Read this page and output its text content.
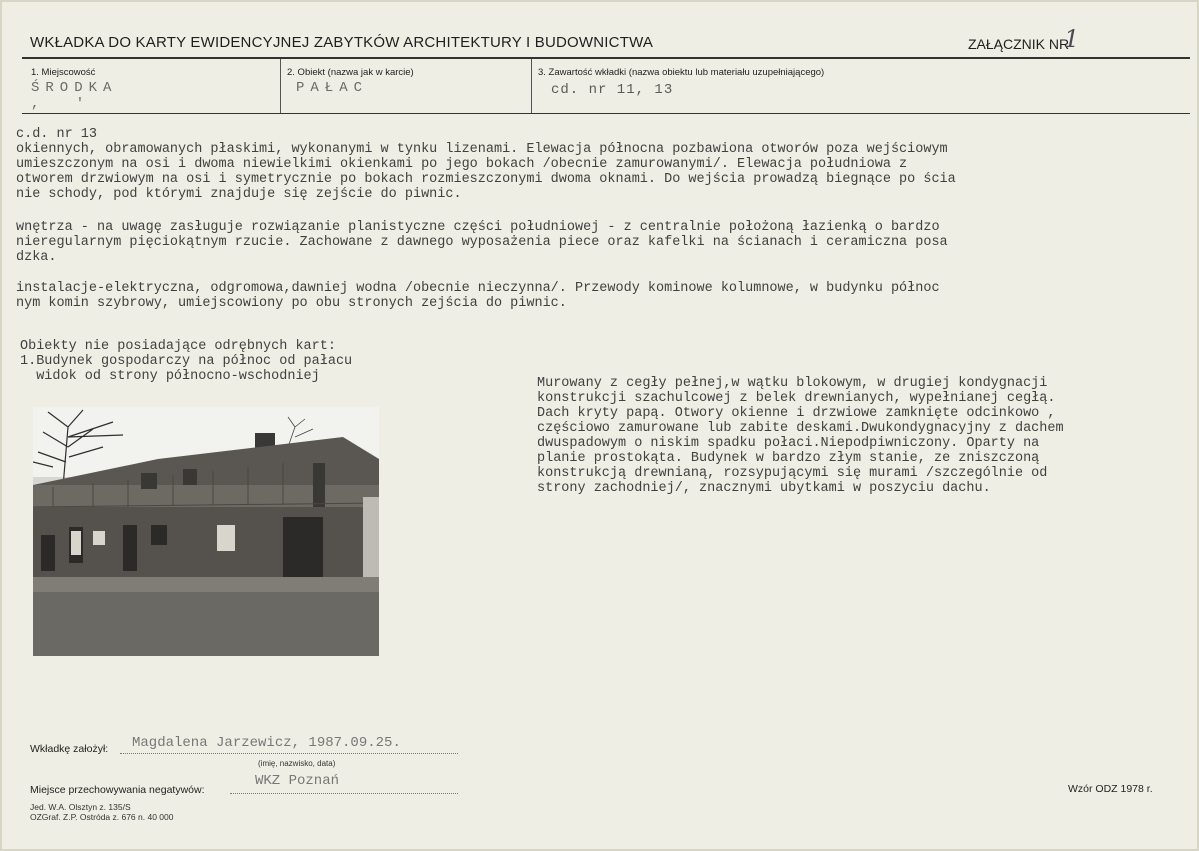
WKŁADKA DO KARTY EWIDENCYJNEJ ZABYTKÓW ARCHITEKTURY I BUDOWNICTWA	ZAŁĄCZNIK NR
1
1. Miejscowość
ŚRODKA
, '
2. Obiekt (nazwa jak w karcie)
PAŁAC
3. Zawartość wkładki (nazwa obiektu lub materiału uzupełniającego)
cd. nr 11, 13
c.d. nr 13
okiennych, obramowanych płaskimi, wykonanymi w tynku lizenami. Elewacja północna pozbawiona otworów poza wejściowym
umieszczonym na osi i dwoma niewielkimi okienkami po jego bokach /obecnie zamurowanymi/. Elewacja południowa z
otworem drzwiowym na osi i symetrycznie po bokach rozmieszczonymi dwoma oknami. Do wejścia prowadzą biegnące po ścia
nie schody, pod którymi znajduje się zejście do piwnic.
wnętrza - na uwagę zasługuje rozwiązanie planistyczne części południowej - z centralnie położoną łazienką o bardzo
nieregularnym pięciokątnym rzucie. Zachowane z dawnego wyposażenia piece oraz kafelki na ścianach i ceramiczna posa
dzka.
instalacje-elektryczna, odgromowa,dawniej wodna /obecnie nieczynna/. Przewody kominowe kolumnowe, w budynku północ
nym komin szybrowy, umiejscowiony po obu stronych zejścia do piwnic.
Obiekty nie posiadające odrębnych kart:
1.Budynek gospodarczy na północ od pałacu
widok od strony północno-wschodniej	Murowany z cegły pełnej,w wątku blokowym, w drugiej kondygnacji
konstrukcji szachulcowej z belek drewnianych, wypełnianej cegłą.
Dach kryty papą. Otwory okienne i drzwiowe zamknięte odcinkowo ,
częściowo zamurowane lub zabite deskami.Dwukondygnacyjny z dachem
dwuspadowym o niskim spadku połaci.Niepodpiwniczony. Oparty na
planie prostokąta. Budynek w bardzo złym stanie, ze zniszczoną
konstrukcją drewnianą, rozsypującymi się murami /szczególnie od
strony zachodniej/, znacznymi ubytkami w poszyciu dachu.
Wkładkę założył: Magdalena Jarzewicz, 1987.09.25.
(imię, nazwisko, data)
Miejsce przechowywania negatywów:
WKZ Poznań
Jed. W.A. Olsztyn z. 135/S
OZGraf. Z.P. Ostróda z. 676 n. 40 000
Wzór ODZ 1978 r.
